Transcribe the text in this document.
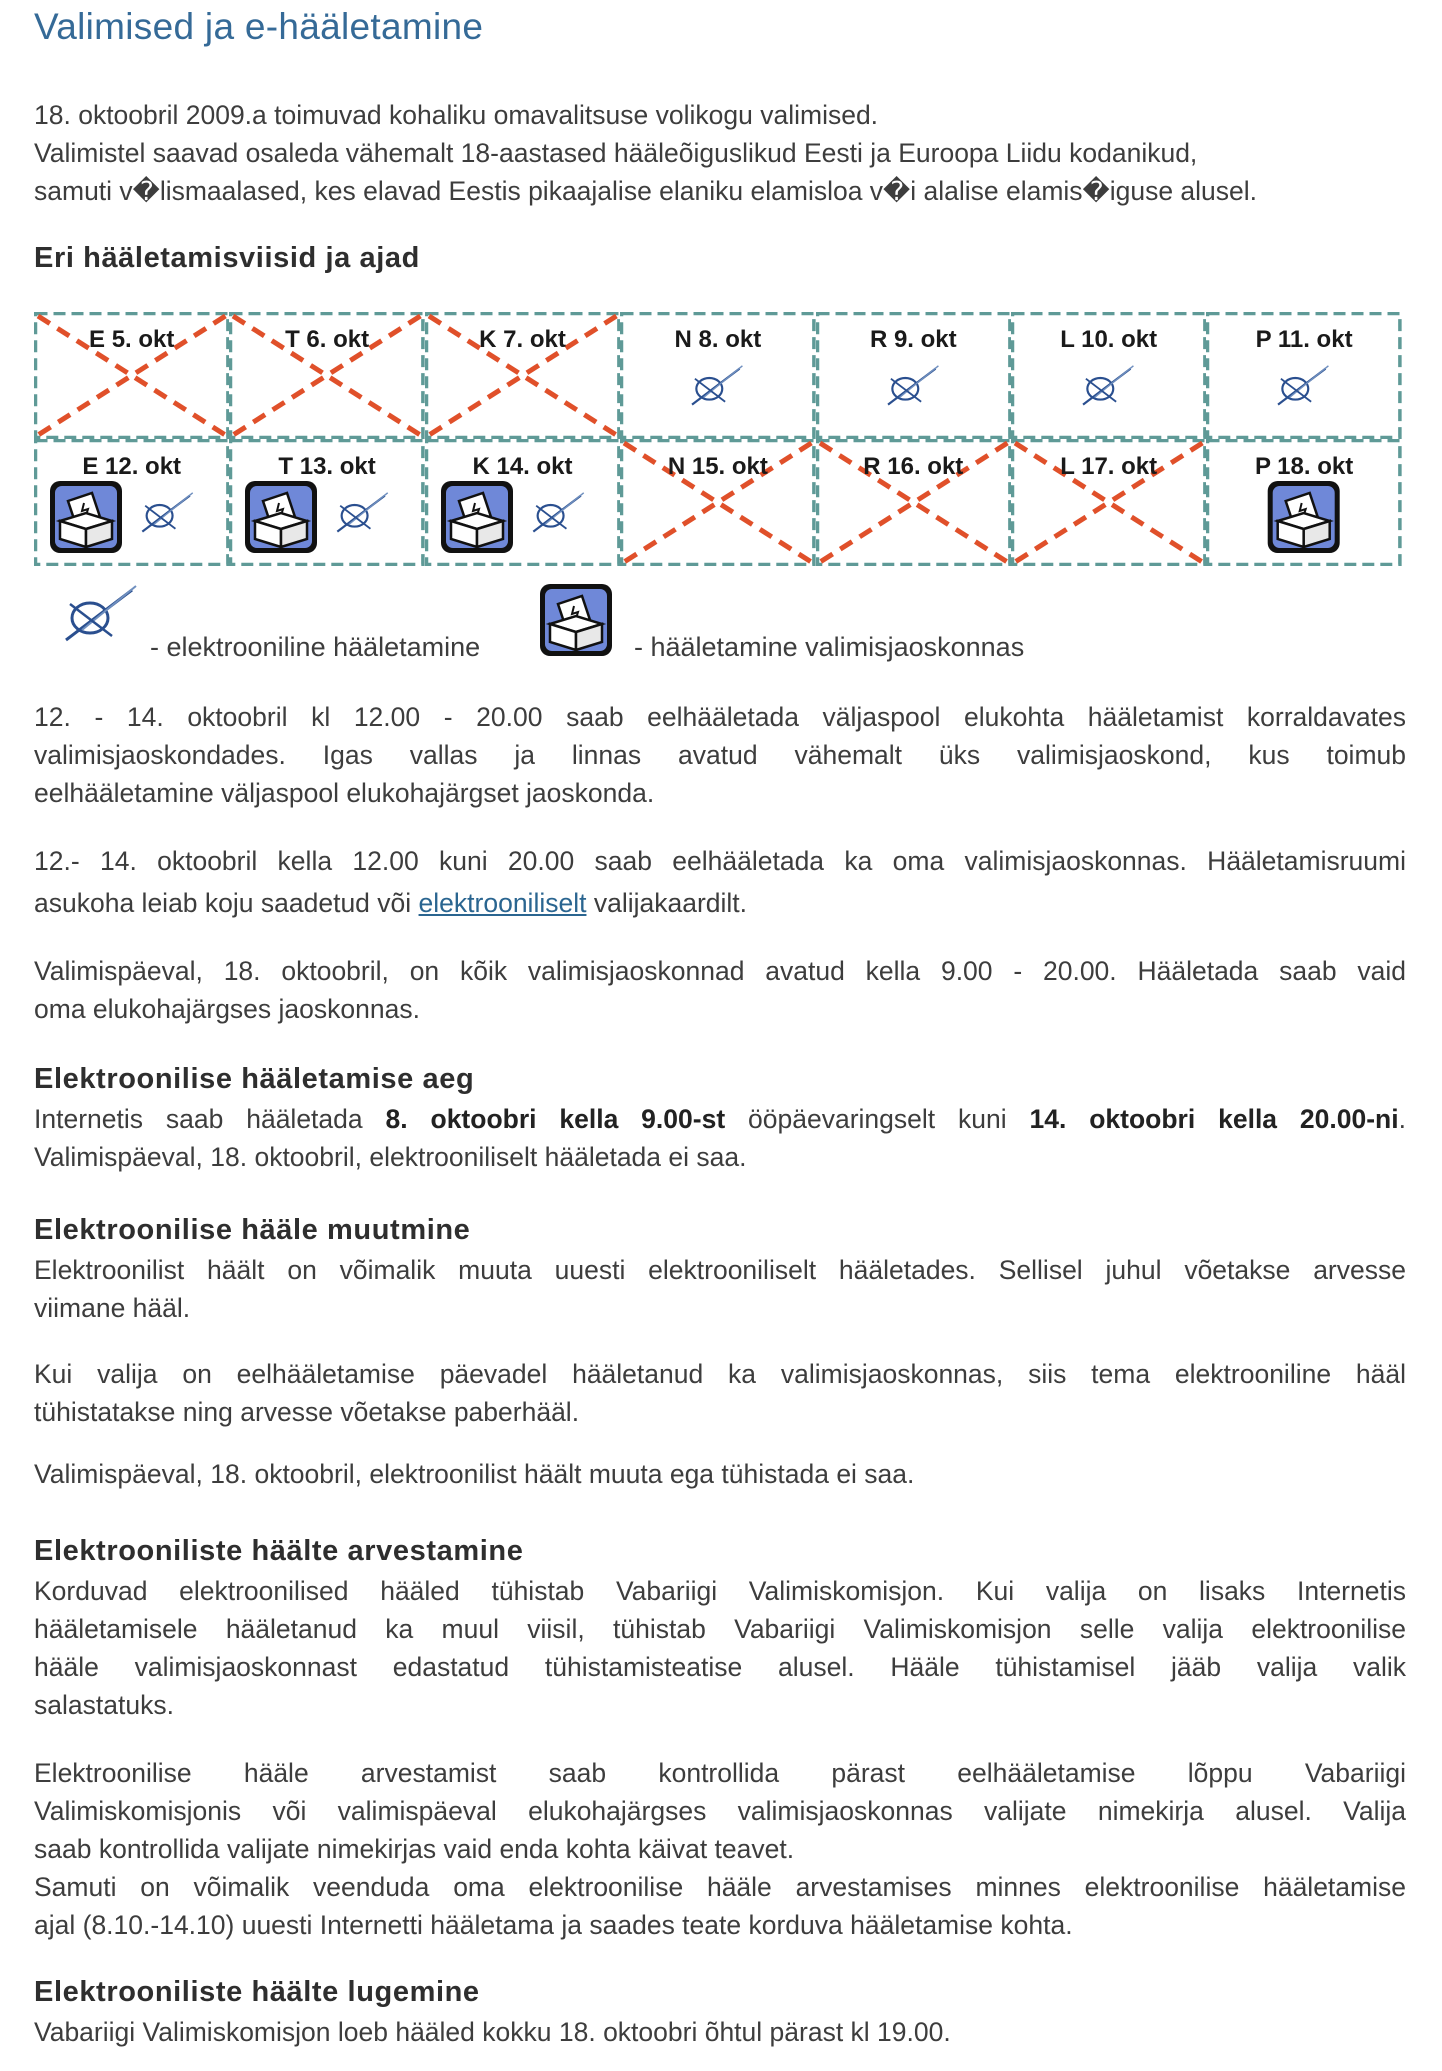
Valimised ja e-hääletamine
18. oktoobril 2009.a toimuvad kohaliku omavalitsuse volikogu valimised.
Valimistel saavad osaleda vähemalt 18-aastased hääleõiguslikud Eesti ja Euroopa Liidu kodanikud,
samuti v�lismaalased, kes elavad Eestis pikaajalise elaniku elamisloa v�i alalise elamis�iguse alusel.
Eri hääletamisviisid ja ajad
E 5. okt	T 6. okt	K 7. okt	N 8. okt	R 9. okt	L 10. okt	P 11. okt
E 12. okt	T 13. okt	K 14. okt	N 15. okt	R 16. okt	L 17. okt	P 18. okt
- elektrooniline hääletamine	- hääletamine valimisjaoskonnas
12. - 14. oktoobril kl 12.00 - 20.00 saab eelhääletada väljaspool elukohta hääletamist korraldavates
valimisjaoskondades. Igas vallas ja linnas avatud vähemalt üks valimisjaoskond, kus toimub
eelhääletamine väljaspool elukohajärgset jaoskonda.
12.- 14. oktoobril kella 12.00 kuni 20.00 saab eelhääletada ka oma valimisjaoskonnas. Hääletamisruumi
asukoha leiab koju saadetud või elektrooniliselt valijakaardilt.
Valimispäeval, 18. oktoobril, on kõik valimisjaoskonnad avatud kella 9.00 - 20.00. Hääletada saab vaid
oma elukohajärgses jaoskonnas.
Elektroonilise hääletamise aeg
Internetis saab hääletada 8. oktoobri kella 9.00-st ööpäevaringselt kuni 14. oktoobri kella 20.00-ni.
Valimispäeval, 18. oktoobril, elektrooniliselt hääletada ei saa.
Elektroonilise hääle muutmine
Elektroonilist häält on võimalik muuta uuesti elektrooniliselt hääletades. Sellisel juhul võetakse arvesse
viimane hääl.
Kui valija on eelhääletamise päevadel hääletanud ka valimisjaoskonnas, siis tema elektrooniline hääl
tühistatakse ning arvesse võetakse paberhääl.
Valimispäeval, 18. oktoobril, elektroonilist häält muuta ega tühistada ei saa.
Elektrooniliste häälte arvestamine
Korduvad elektroonilised hääled tühistab Vabariigi Valimiskomisjon. Kui valija on lisaks Internetis
hääletamisele hääletanud ka muul viisil, tühistab Vabariigi Valimiskomisjon selle valija elektroonilise
hääle valimisjaoskonnast edastatud tühistamisteatise alusel. Hääle tühistamisel jääb valija valik
salastatuks.
Elektroonilise hääle arvestamist saab kontrollida pärast eelhääletamise lõppu Vabariigi
Valimiskomisjonis või valimispäeval elukohajärgses valimisjaoskonnas valijate nimekirja alusel. Valija
saab kontrollida valijate nimekirjas vaid enda kohta käivat teavet.
Samuti on võimalik veenduda oma elektroonilise hääle arvestamises minnes elektroonilise hääletamise
ajal (8.10.-14.10) uuesti Internetti hääletama ja saades teate korduva hääletamise kohta.
Elektrooniliste häälte lugemine
Vabariigi Valimiskomisjon loeb hääled kokku 18. oktoobri õhtul pärast kl 19.00.
